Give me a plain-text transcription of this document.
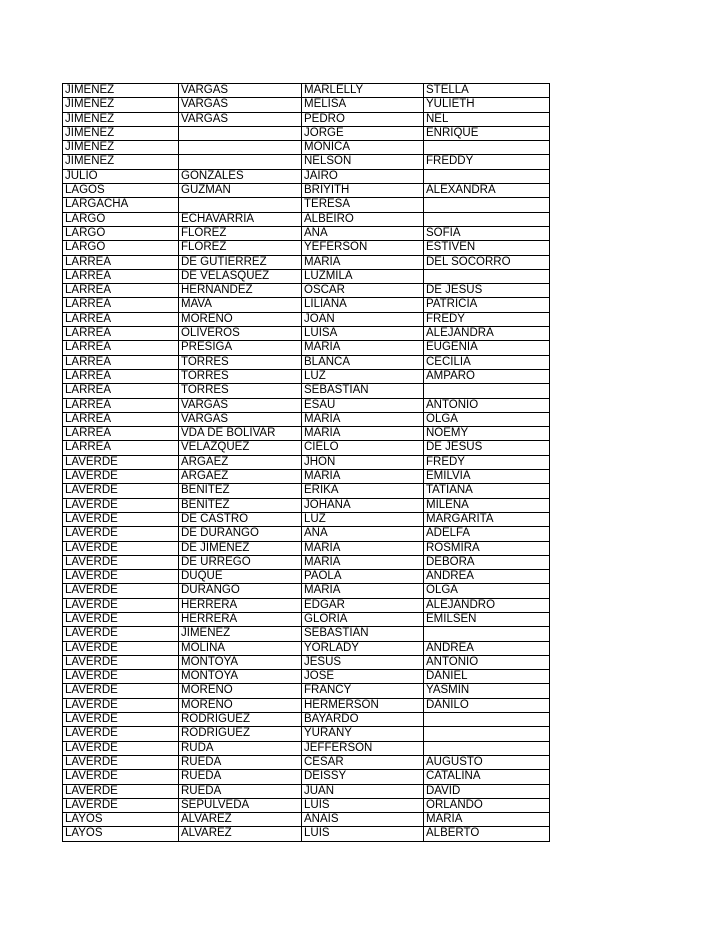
JIMENEZ	VARGAS	MARLELLY	STELLA
JIMENEZ	VARGAS	MELISA	YULIETH
JIMENEZ	VARGAS	PEDRO	NEL
JIMENEZ		JORGE	ENRIQUE
JIMENEZ		MONICA	
JIMENEZ		NELSON	FREDDY
JULIO	GONZALES	JAIRO	
LAGOS	GUZMAN	BRIYITH	ALEXANDRA
LARGACHA		TERESA	
LARGO	ECHAVARRIA	ALBEIRO	
LARGO	FLOREZ	ANA	SOFIA
LARGO	FLOREZ	YEFERSON	ESTIVEN
LARREA	DE GUTIERREZ	MARIA	DEL SOCORRO
LARREA	DE VELASQUEZ	LUZMILA	
LARREA	HERNANDEZ	OSCAR	DE JESUS
LARREA	MAVA	LILIANA	PATRICIA
LARREA	MORENO	JOAN	FREDY
LARREA	OLIVEROS	LUISA	ALEJANDRA
LARREA	PRESIGA	MARIA	EUGENIA
LARREA	TORRES	BLANCA	CECILIA
LARREA	TORRES	LUZ	AMPARO
LARREA	TORRES	SEBASTIAN	
LARREA	VARGAS	ESAU	ANTONIO
LARREA	VARGAS	MARIA	OLGA
LARREA	VDA DE BOLIVAR	MARIA	NOEMY
LARREA	VELAZQUEZ	CIELO	DE JESUS
LAVERDE	ARGAEZ	JHON	FREDY
LAVERDE	ARGAEZ	MARIA	EMILVIA
LAVERDE	BENITEZ	ERIKA	TATIANA
LAVERDE	BENITEZ	JOHANA	MILENA
LAVERDE	DE CASTRO	LUZ	MARGARITA
LAVERDE	DE DURANGO	ANA	ADELFA
LAVERDE	DE JIMENEZ	MARIA	ROSMIRA
LAVERDE	DE URREGO	MARIA	DEBORA
LAVERDE	DUQUE	PAOLA	ANDREA
LAVERDE	DURANGO	MARIA	OLGA
LAVERDE	HERRERA	EDGAR	ALEJANDRO
LAVERDE	HERRERA	GLORIA	EMILSEN
LAVERDE	JIMENEZ	SEBASTIAN	
LAVERDE	MOLINA	YORLADY	ANDREA
LAVERDE	MONTOYA	JESUS	ANTONIO
LAVERDE	MONTOYA	JOSE	DANIEL
LAVERDE	MORENO	FRANCY	YASMIN
LAVERDE	MORENO	HERMERSON	DANILO
LAVERDE	RODRIGUEZ	BAYARDO	
LAVERDE	RODRIGUEZ	YURANY	
LAVERDE	RUDA	JEFFERSON	
LAVERDE	RUEDA	CESAR	AUGUSTO
LAVERDE	RUEDA	DEISSY	CATALINA
LAVERDE	RUEDA	JUAN	DAVID
LAVERDE	SEPULVEDA	LUIS	ORLANDO
LAYOS	ALVAREZ	ANAIS	MARIA
LAYOS	ALVAREZ	LUIS	ALBERTO
